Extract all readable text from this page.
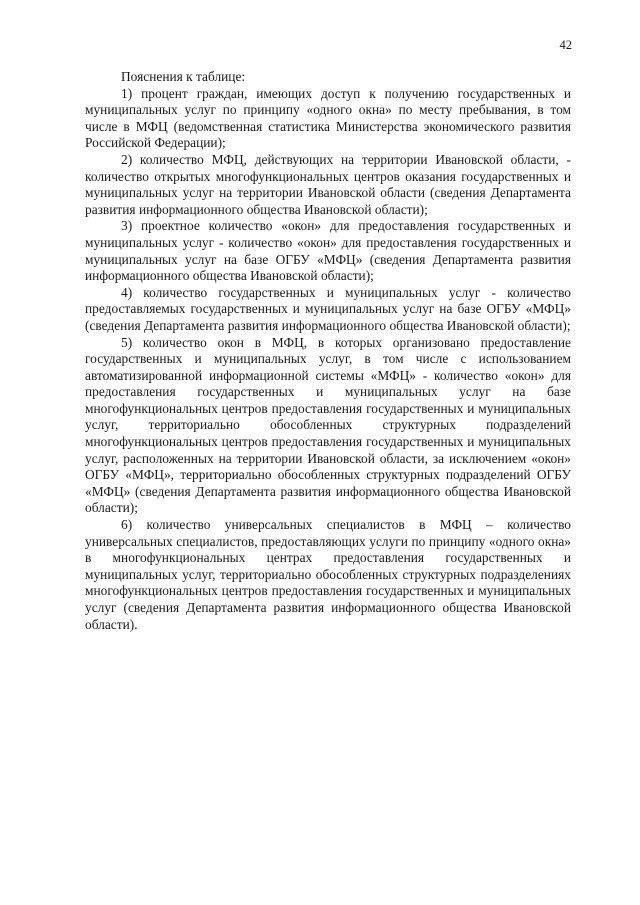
42

Пояснения к таблице:

1) процент граждан, имеющих доступ к получению государственных и муниципальных услуг по принципу «одного окна» по месту пребывания, в том числе в МФЦ (ведомственная статистика Министерства экономического развития Российской Федерации);

2) количество МФЦ, действующих на территории Ивановской области, - количество открытых многофункциональных центров оказания государственных и муниципальных услуг на территории Ивановской области (сведения Департамента развития информационного общества Ивановской области);

3) проектное количество «окон» для предоставления государственных и муниципальных услуг - количество «окон» для предоставления государственных и муниципальных услуг на базе ОГБУ «МФЦ» (сведения Департамента развития информационного общества Ивановской области);

4) количество государственных и муниципальных услуг - количество предоставляемых государственных и муниципальных услуг на базе ОГБУ «МФЦ» (сведения Департамента развития информационного общества Ивановской области);

5) количество окон в МФЦ, в которых организовано предоставление государственных и муниципальных услуг, в том числе с использованием автоматизированной информационной системы «МФЦ» - количество «окон» для предоставления государственных и муниципальных услуг на базе многофункциональных центров предоставления государственных и муниципальных услуг, территориально обособленных структурных подразделений многофункциональных центров предоставления государственных и муниципальных услуг, расположенных на территории Ивановской области, за исключением «окон» ОГБУ «МФЦ», территориально обособленных структурных подразделений ОГБУ «МФЦ» (сведения Департамента развития информационного общества Ивановской области);

6) количество универсальных специалистов в МФЦ – количество универсальных специалистов, предоставляющих услуги по принципу «одного окна» в многофункциональных центрах предоставления государственных и муниципальных услуг, территориально обособленных структурных подразделениях многофункциональных центров предоставления государственных и муниципальных услуг (сведения Департамента развития информационного общества Ивановской области).
